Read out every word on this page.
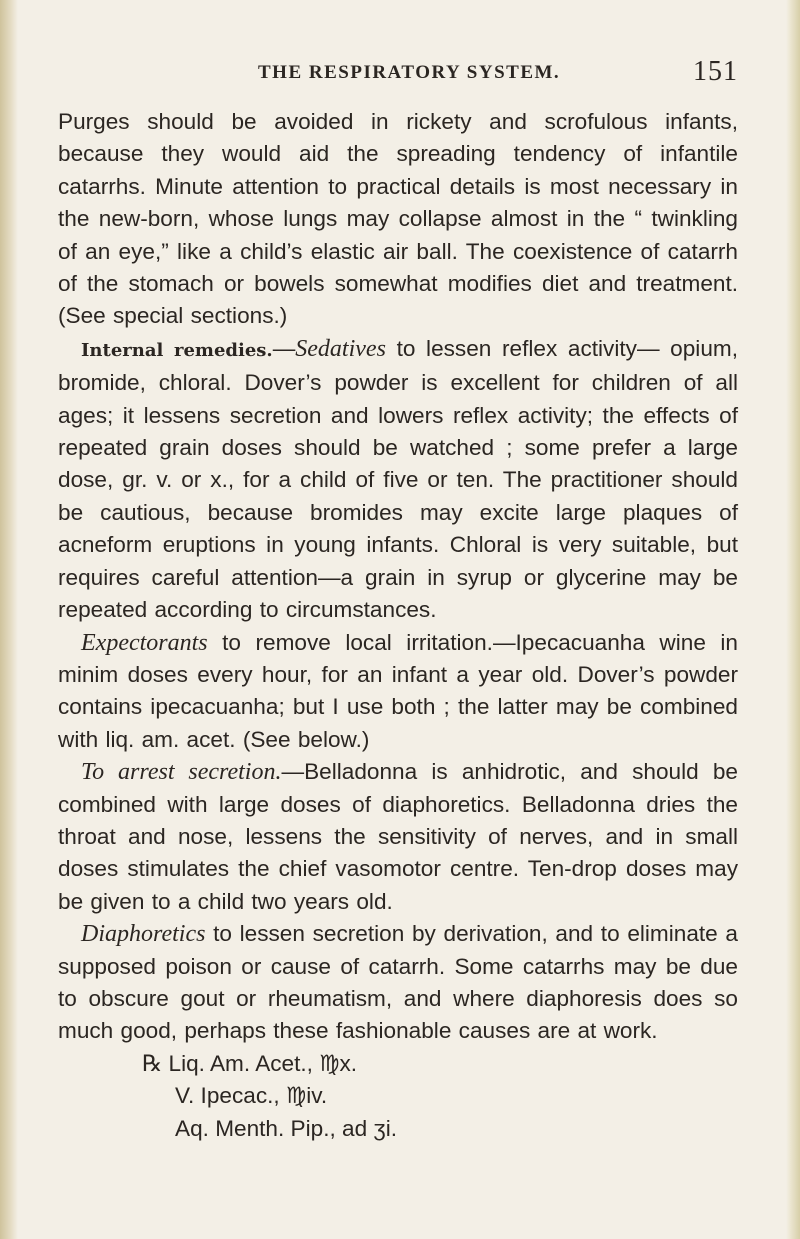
THE RESPIRATORY SYSTEM.	151

Purges should be avoided in rickety and scrofulous infants, because they would aid the spreading tendency of infantile catarrhs. Minute attention to practical details is most necessary in the new-born, whose lungs may collapse almost in the “ twinkling of an eye,” like a child’s elastic air ball. The coexistence of catarrh of the stomach or bowels somewhat modifies diet and treatment. (See special sections.)

Internal remedies.—Sedatives to lessen reflex activity— opium, bromide, chloral. Dover’s powder is excellent for children of all ages; it lessens secretion and lowers reflex activity; the effects of repeated grain doses should be watched ; some prefer a large dose, gr. v. or x., for a child of five or ten. The practitioner should be cautious, because bromides may excite large plaques of acneform eruptions in young infants. Chloral is very suitable, but requires careful attention—a grain in syrup or glycerine may be repeated according to circumstances.

Expectorants to remove local irritation.—Ipecacuanha wine in minim doses every hour, for an infant a year old. Dover’s powder contains ipecacuanha; but I use both ; the latter may be combined with liq. am. acet. (See below.)

To arrest secretion.—Belladonna is anhidrotic, and should be combined with large doses of diaphoretics. Belladonna dries the throat and nose, lessens the sensitivity of nerves, and in small doses stimulates the chief vasomotor centre. Ten-drop doses may be given to a child two years old.

Diaphoretics to lessen secretion by derivation, and to eliminate a supposed poison or cause of catarrh. Some catarrhs may be due to obscure gout or rheumatism, and where diaphoresis does so much good, perhaps these fashionable causes are at work.

℞ Liq. Am. Acet., ♍x.
V. Ipecac., ♍iv.
Aq. Menth. Pip., ad ʒi.
